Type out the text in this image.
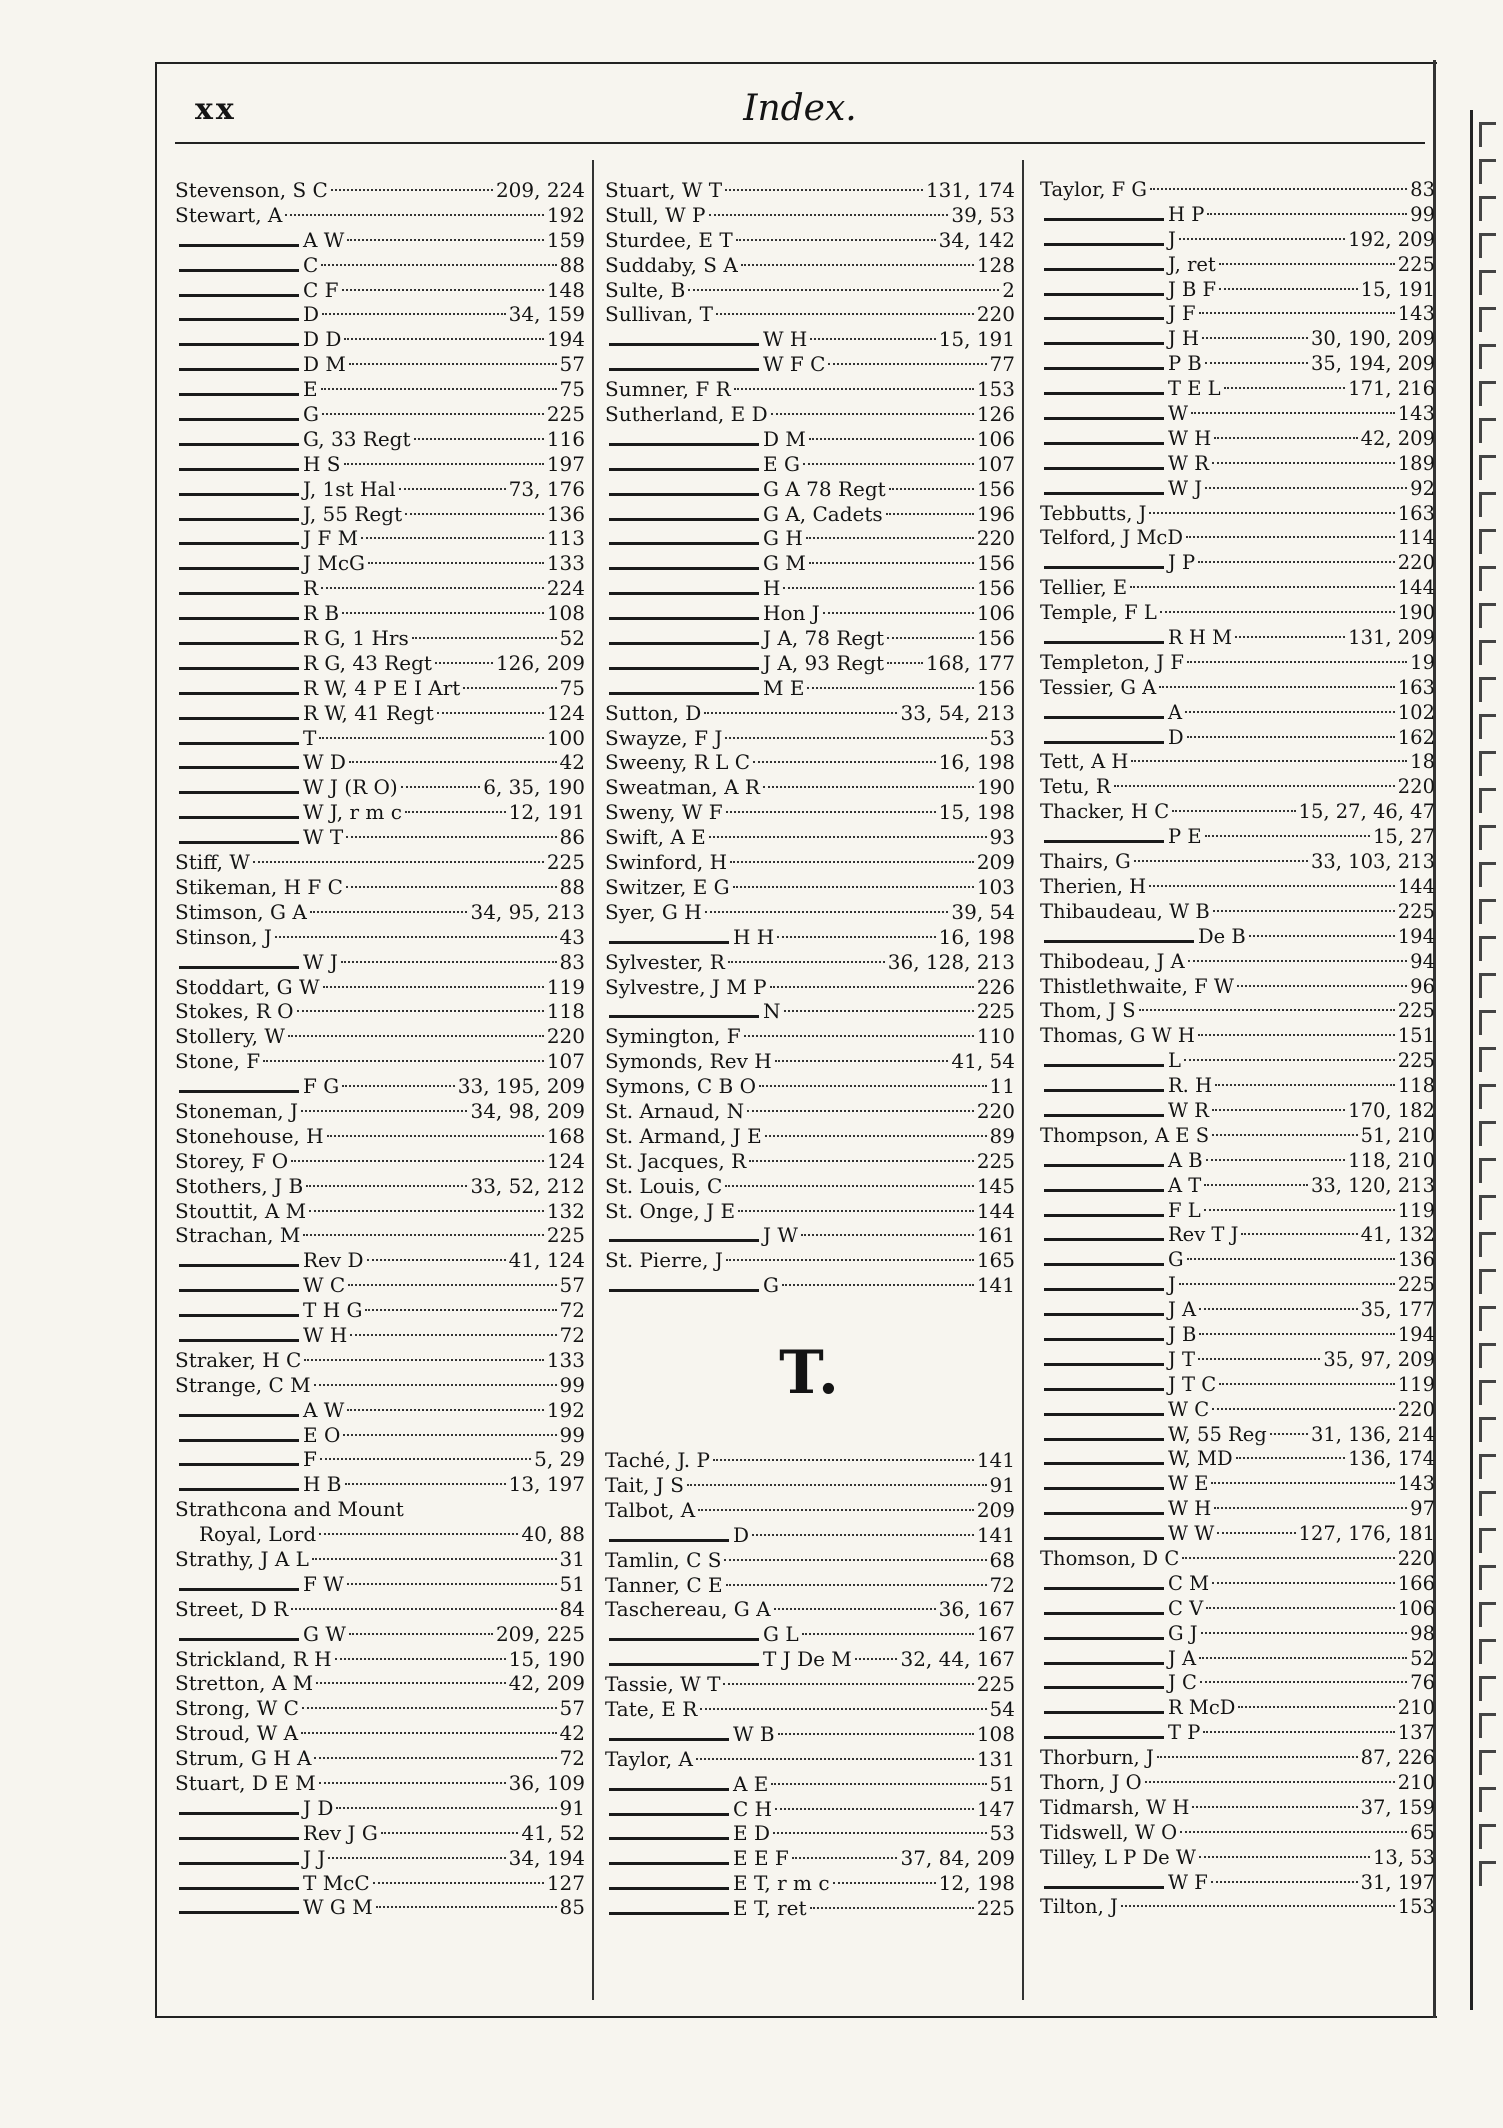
xx	Index.
Stevenson, S C	209, 224
Stewart, A	192
A W	159
C	88
C F	148
D	34, 159
D D	194
D M	57
E	75
G	225
G, 33 Regt	116
H S	197
J, 1st Hal	73, 176
J, 55 Regt	136
J F M	113
J McG	133
R	224
R B	108
R G, 1 Hrs	52
R G, 43 Regt	126, 209
R W, 4 P E I Art	75
R W, 41 Regt	124
T	100
W D	42
W J (R O)	6, 35, 190
W J, r m c	12, 191
W T	86
Stiff, W	225
Stikeman, H F C	88
Stimson, G A	34, 95, 213
Stinson, J	43
W J	83
Stoddart, G W	119
Stokes, R O	118
Stollery, W	220
Stone, F	107
F G	33, 195, 209
Stoneman, J	34, 98, 209
Stonehouse, H	168
Storey, F O	124
Stothers, J B	33, 52, 212
Stouttit, A M	132
Strachan, M	225
Rev D	41, 124
W C	57
T H G	72
W H	72
Straker, H C	133
Strange, C M	99
A W	192
E O	99
F	5, 29
H B	13, 197
Strathcona and Mount
Royal, Lord	40, 88
Strathy, J A L	31
F W	51
Street, D R	84
G W	209, 225
Strickland, R H	15, 190
Stretton, A M	42, 209
Strong, W C	57
Stroud, W A	42
Strum, G H A	72
Stuart, D E M	36, 109
J D	91
Rev J G	41, 52
J J	34, 194
T McC	127
W G M	85
Stuart, W T	131, 174
Stull, W P	39, 53
Sturdee, E T	34, 142
Suddaby, S A	128
Sulte, B	2
Sullivan, T	220
W H	15, 191
W F C	77
Sumner, F R	153
Sutherland, E D	126
D M	106
E G	107
G A 78 Regt	156
G A, Cadets	196
G H	220
G M	156
H	156
Hon J	106
J A, 78 Regt	156
J A, 93 Regt 168, 177
M E	156
Sutton, D	33, 54, 213
Swayze, F J	53
Sweeny, R L C	16, 198
Sweatman, A R	190
Sweny, W F	15, 198
Swift, A E	93
Swinford, H	209
Switzer, E G	103
Syer, G H	39, 54
H H	16, 198
Sylvester, R	36, 128, 213
Sylvestre, J M P	226
N	225
Symington, F	110
Symonds, Rev H	41, 54
Symons, C B O	11
St. Arnaud, N	220
St. Armand, J E	89
St. Jacques, R	225
St. Louis, C	145
St. Onge, J E	144
J W	161
St. Pierre, J	165
G	141
T.
Taché, J. P	141
Tait, J S	91
Talbot, A	209
D	141
Tamlin, C S	68
Tanner, C E	72
Taschereau, G A	36, 167
G L	167
T J De M 32, 44, 167
Tassie, W T	225
Tate, E R	54
W B	108
Taylor, A	131
A E	51
C H	147
E D	53
E E F	37, 84, 209
E T, r m c	12, 198
E T, ret	225
Taylor, F G	83
H P	99
J	192, 209
J, ret	225
J B F	15, 191
J F	143
J H	30, 190, 209
P B	35, 194, 209
T E L	171, 216
W	143
W H	42, 209
W R	189
W J	92
Tebbutts, J	163
Telford, J McD	114
J P	220
Tellier, E	144
Temple, F L	190
R H M	131, 209
Templeton, J F	19
Tessier, G A	163
A	102
D	162
Tett, A H	18
Tetu, R	220
Thacker, H C	15, 27, 46, 47
P E	15, 27
Thairs, G	33, 103, 213
Therien, H	144
Thibaudeau, W B	225
De B	194
Thibodeau, J A	94
Thistlethwaite, F W	96
Thom, J S	225
Thomas, G W H	151
L	225
R. H	118
W R	170, 182
Thompson, A E S	51, 210
A B	118, 210
A T	33, 120, 213
F L	119
Rev T J	41, 132
G	136
J	225
J A	35, 177
J B	194
J T	35, 97, 209
J T C	119
W C	220
W, 55 Reg 31, 136, 214
W, MD	136, 174
W E	143
W H	97
W W	127, 176, 181
Thomson, D C	220
C M	166
C V	106
G J	98
J A	52
J C	76
R McD	210
T P	137
Thorburn, J	87, 226
Thorn, J O	210
Tidmarsh, W H	37, 159
Tidswell, W O	65
Tilley, L P De W	13, 53
W F	31, 197
Tilton, J	153
